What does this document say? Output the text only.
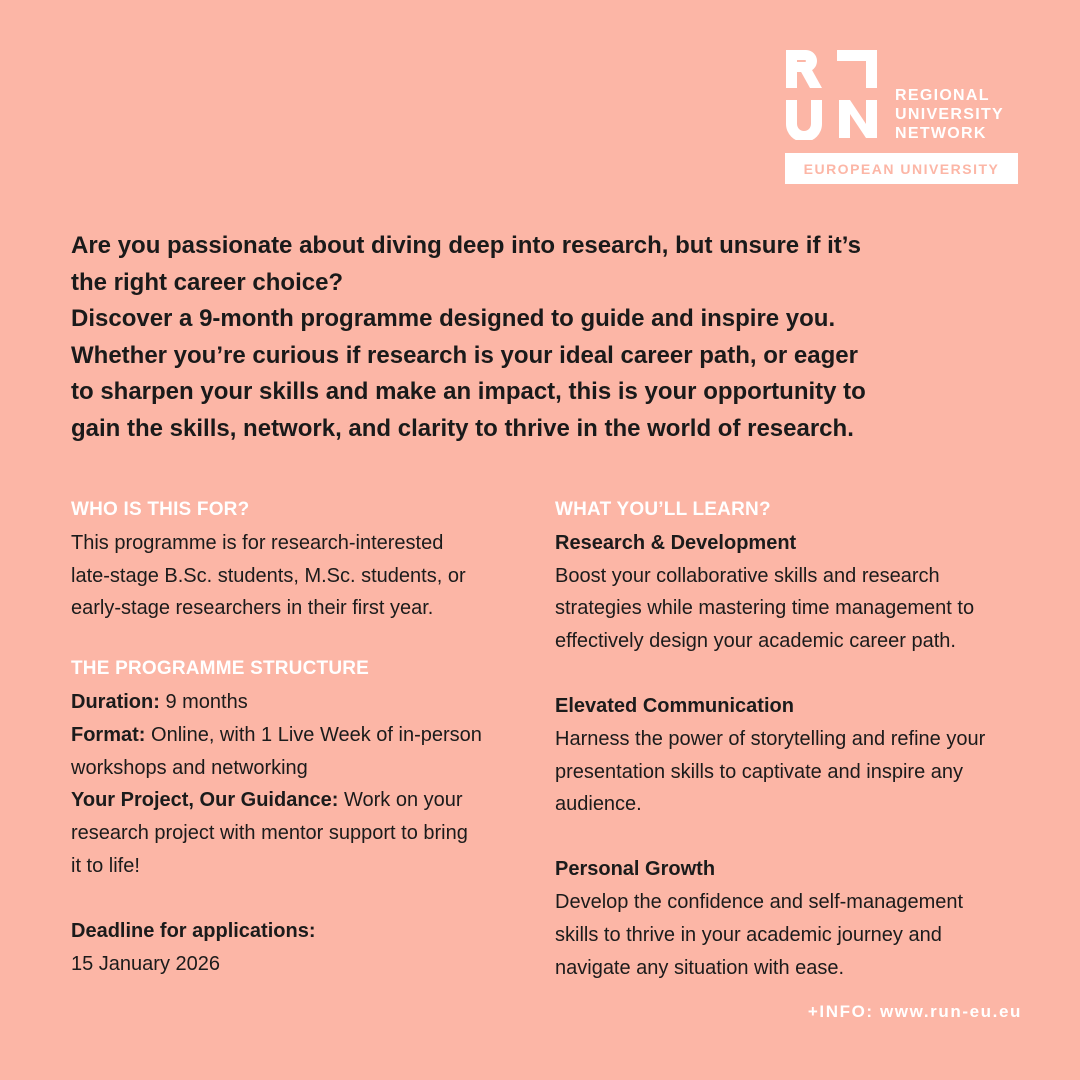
REGIONAL
UNIVERSITY
NETWORK
EUROPEAN UNIVERSITY

Are you passionate about diving deep into research, but unsure if it’s
the right career choice?
Discover a 9-month programme designed to guide and inspire you.
Whether you’re curious if research is your ideal career path, or eager
to sharpen your skills and make an impact, this is your opportunity to
gain the skills, network, and clarity to thrive in the world of research.

WHO IS THIS FOR?

This programme is for research-interested

late-stage B.Sc. students, M.Sc. students, or

early-stage researchers in their first year.

THE PROGRAMME STRUCTURE

Duration: 9 months

Format: Online, with 1 Live Week of in-person

workshops and networking

Your Project, Our Guidance: Work on your

research project with mentor support to bring

it to life!

Deadline for applications:

15 January 2026

WHAT YOU’LL LEARN?

Research & Development

Boost your collaborative skills and research

strategies while mastering time management to

effectively design your academic career path.

Elevated Communication

Harness the power of storytelling and refine your

presentation skills to captivate and inspire any

audience.

Personal Growth

Develop the confidence and self-management

skills to thrive in your academic journey and

navigate any situation with ease.

+INFO: www.run-eu.eu
